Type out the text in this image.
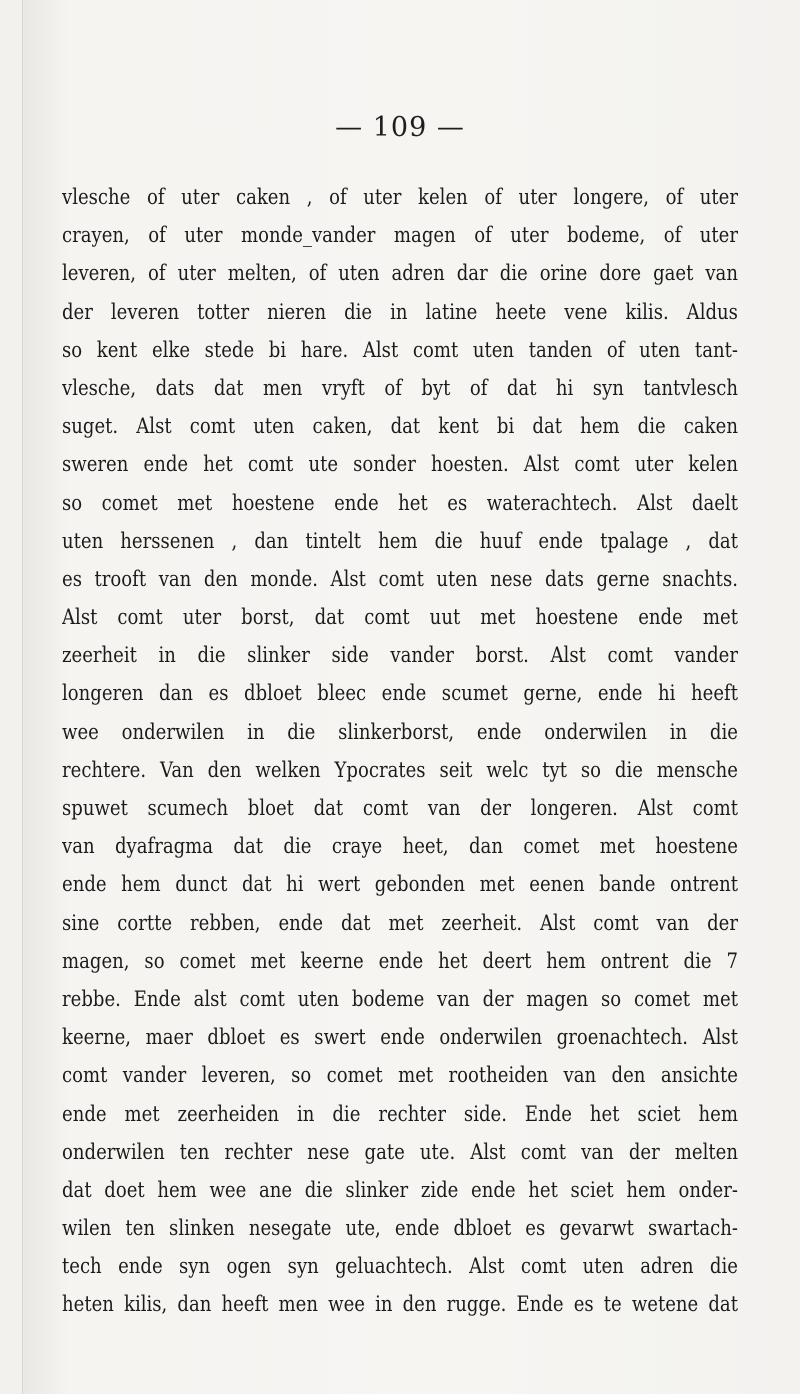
— 109 —
vlesche of uter caken , of uter kelen of uter longere, of uter
crayen, of uter monde_vander magen of uter bodeme, of uter
leveren, of uter melten, of uten adren dar die orine dore gaet van
der leveren totter nieren die in latine heete vene kilis. Aldus
so kent elke stede bi hare. Alst comt uten tanden of uten tant-
vlesche, dats dat men vryft of byt of dat hi syn tantvlesch
suget. Alst comt uten caken, dat kent bi dat hem die caken
sweren ende het comt ute sonder hoesten. Alst comt uter kelen
so comet met hoestene ende het es waterachtech. Alst daelt
uten herssenen , dan tintelt hem die huuf ende tpalage , dat
es trooft van den monde. Alst comt uten nese dats gerne snachts.
Alst comt uter borst, dat comt uut met hoestene ende met
zeerheit in die slinker side vander borst. Alst comt vander
longeren dan es dbloet bleec ende scumet gerne, ende hi heeft
wee onderwilen in die slinkerborst, ende onderwilen in die
rechtere. Van den welken Ypocrates seit welc tyt so die mensche
spuwet scumech bloet dat comt van der longeren. Alst comt
van dyafragma dat die craye heet, dan comet met hoestene
ende hem dunct dat hi wert gebonden met eenen bande ontrent
sine cortte rebben, ende dat met zeerheit. Alst comt van der
magen, so comet met keerne ende het deert hem ontrent die 7
rebbe. Ende alst comt uten bodeme van der magen so comet met
keerne, maer dbloet es swert ende onderwilen groenachtech. Alst
comt vander leveren, so comet met rootheiden van den ansichte
ende met zeerheiden in die rechter side. Ende het sciet hem
onderwilen ten rechter nese gate ute. Alst comt van der melten
dat doet hem wee ane die slinker zide ende het sciet hem onder-
wilen ten slinken nesegate ute, ende dbloet es gevarwt swartach-
tech ende syn ogen syn geluachtech. Alst comt uten adren die
heten kilis, dan heeft men wee in den rugge. Ende es te wetene dat
